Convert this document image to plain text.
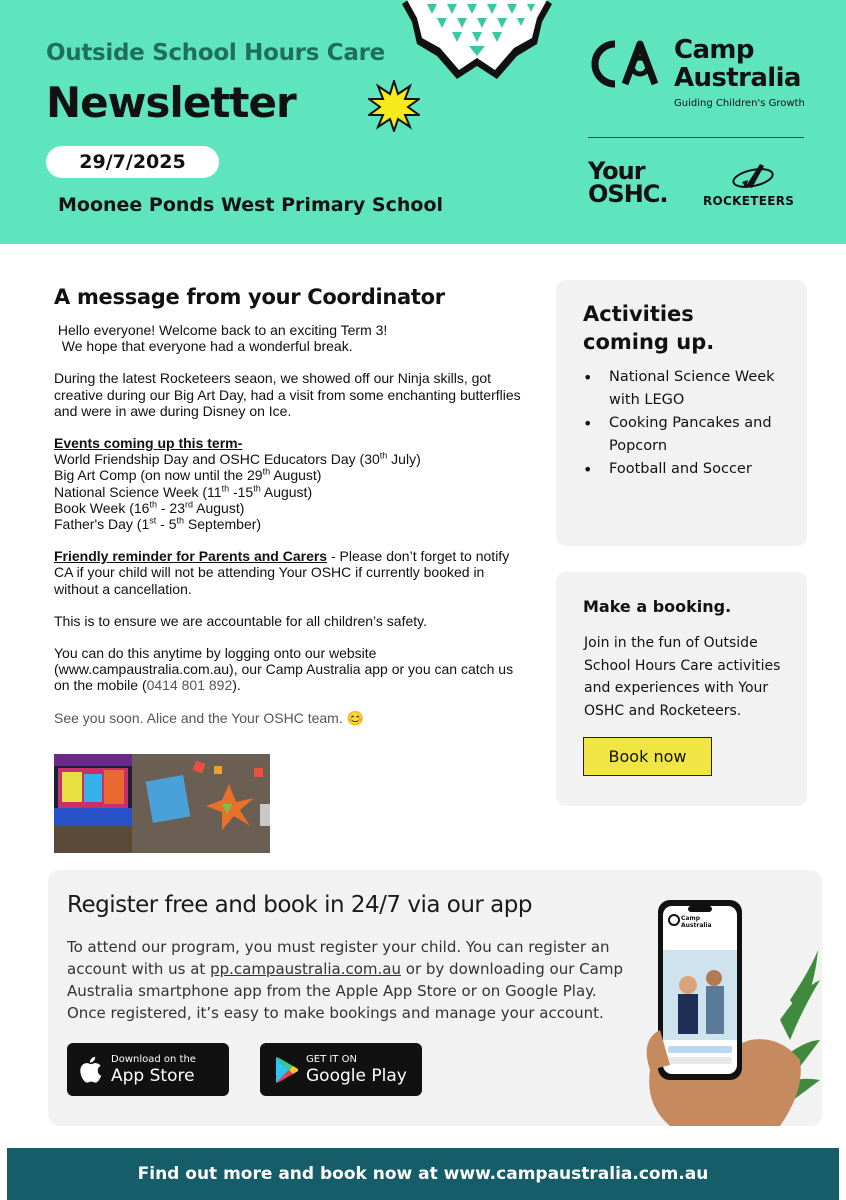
Outside School Hours Care
Newsletter
29/7/2025
Moonee Ponds West Primary School
Camp
Australia
Guiding Children's Growth
Your
OSHC.	ROCKETEERS
A message from your Coordinator

Hello everyone! Welcome back to an exciting Term 3!

We hope that everyone had a wonderful break.

During the latest Rocketeers seaon, we showed off our Ninja skills, got creative during our Big Art Day, had a visit from some enchanting butterflies and were in awe during Disney on Ice.

Events coming up this term-

World Friendship Day and OSHC Educators Day (30th July)

Big Art Comp (on now until the 29th August)

National Science Week (11th -15th August)

Book Week (16th - 23rd August)

Father's Day (1st - 5th September)

Friendly reminder for Parents and Carers - Please don’t forget to notify CA if your child will not be attending Your OSHC if currently booked in without a cancellation.

This is to ensure we are accountable for all children’s safety.

You can do this anytime by logging onto our website (www.campaustralia.com.au), our Camp Australia app or you can catch us on the mobile (0414 801 892).

See you soon. Alice and the Your OSHC team. 😊

Activities
coming up.
• National Science Week with LEGO
• Cooking Pancakes and Popcorn
• Football and Soccer
Make a booking.
Join in the fun of Outside School Hours Care activities and experiences with Your OSHC and Rocketeers.
Book now
Register free and book in 24/7 via our app
To attend our program, you must register your child. You can register an account with us at pp.campaustralia.com.au or by downloading our Camp Australia smartphone app from the Apple App Store or on Google Play. Once registered, it’s easy to make bookings and manage your account.
Download on the
App Store
GET IT ON
Google Play
Camp
Australia
Find out more and book now at www.campaustralia.com.au
